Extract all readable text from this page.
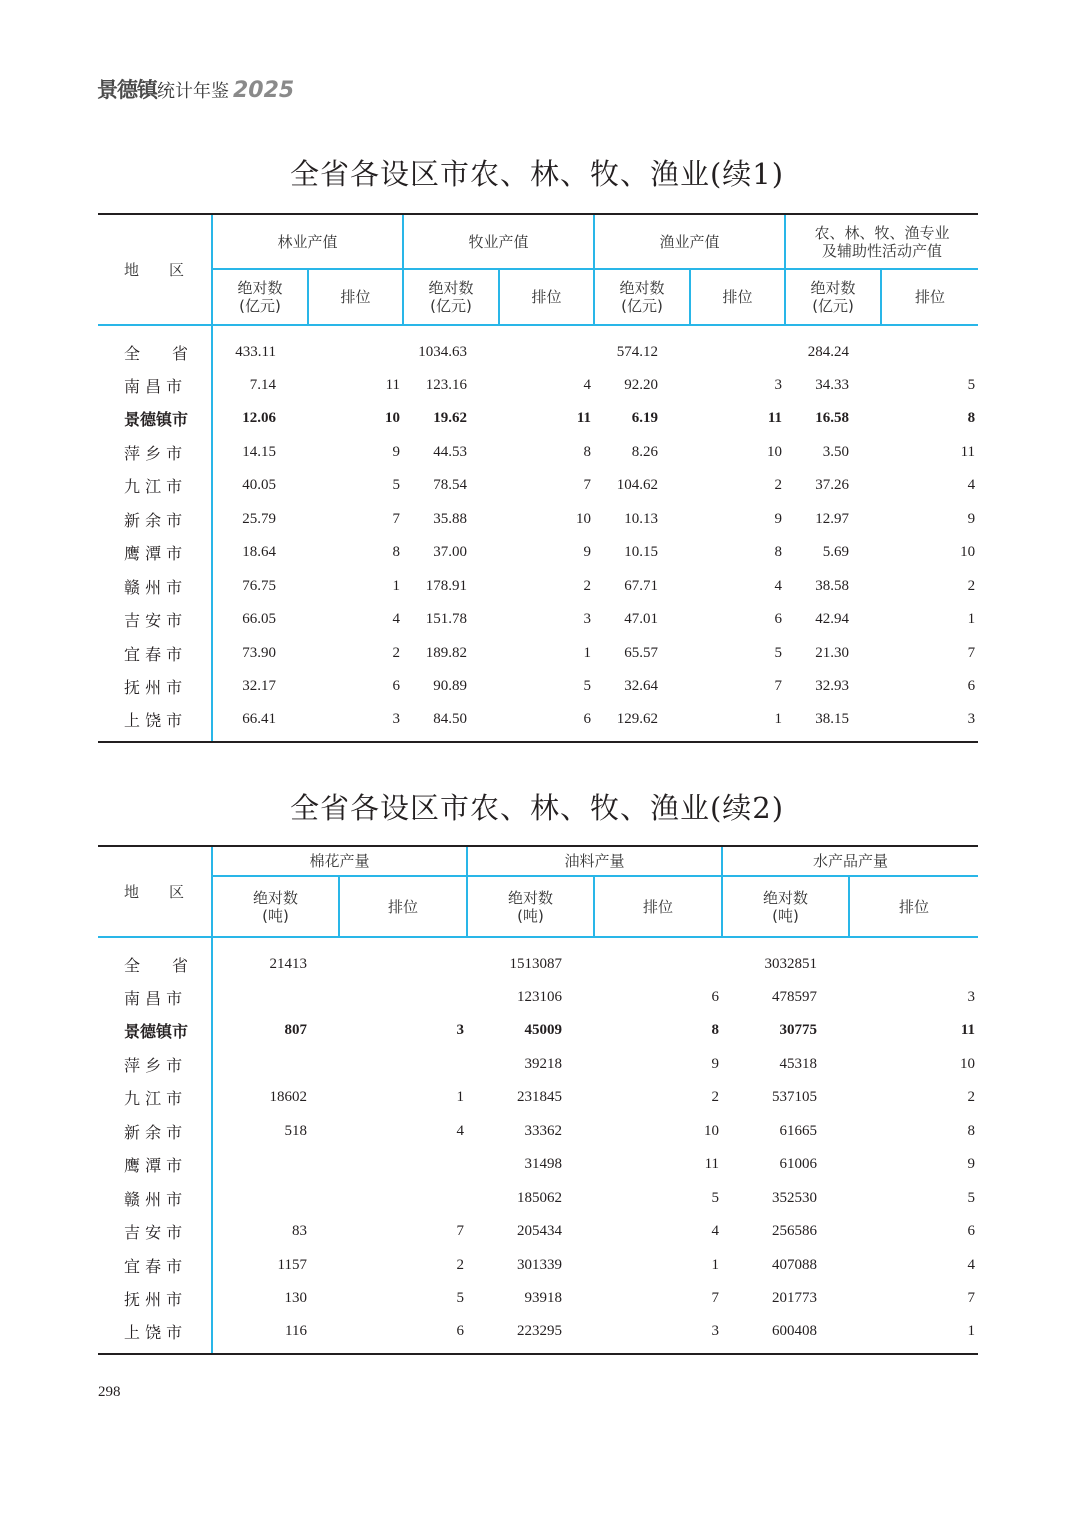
景德镇统计年鉴 2025
全省各设区市农、林、牧、渔业(续1)
地　　区	林业产值		牧业产值		渔业产值		农、林、牧、渔专业
及辅助性活动产值	
	绝对数
(亿元)	排位	绝对数
(亿元)	排位	绝对数
(亿元)	排位	绝对数
(亿元)	排位
全　　省	433.11		1034.63		574.12		284.24	
南 昌 市	7.14	11	123.16	4	92.20	3	34.33	5
景德镇市	12.06	10	19.62	11	6.19	11	16.58	8
萍 乡 市	14.15	9	44.53	8	8.26	10	3.50	11
九 江 市	40.05	5	78.54	7	104.62	2	37.26	4
新 余 市	25.79	7	35.88	10	10.13	9	12.97	9
鹰 潭 市	18.64	8	37.00	9	10.15	8	5.69	10
赣 州 市	76.75	1	178.91	2	67.71	4	38.58	2
吉 安 市	66.05	4	151.78	3	47.01	6	42.94	1
宜 春 市	73.90	2	189.82	1	65.57	5	21.30	7
抚 州 市	32.17	6	90.89	5	32.64	7	32.93	6
上 饶 市	66.41	3	84.50	6	129.62	1	38.15	3
全省各设区市农、林、牧、渔业(续2)
地　　区	棉花产量		油料产量		水产品产量	
	绝对数
(吨)	排位	绝对数
(吨)	排位	绝对数
(吨)	排位
全　　省	21413		1513087		3032851	
南 昌 市			123106	6	478597	3
景德镇市	807	3	45009	8	30775	11
萍 乡 市			39218	9	45318	10
九 江 市	18602	1	231845	2	537105	2
新 余 市	518	4	33362	10	61665	8
鹰 潭 市			31498	11	61006	9
赣 州 市			185062	5	352530	5
吉 安 市	83	7	205434	4	256586	6
宜 春 市	1157	2	301339	1	407088	4
抚 州 市	130	5	93918	7	201773	7
上 饶 市	116	6	223295	3	600408	1
298
